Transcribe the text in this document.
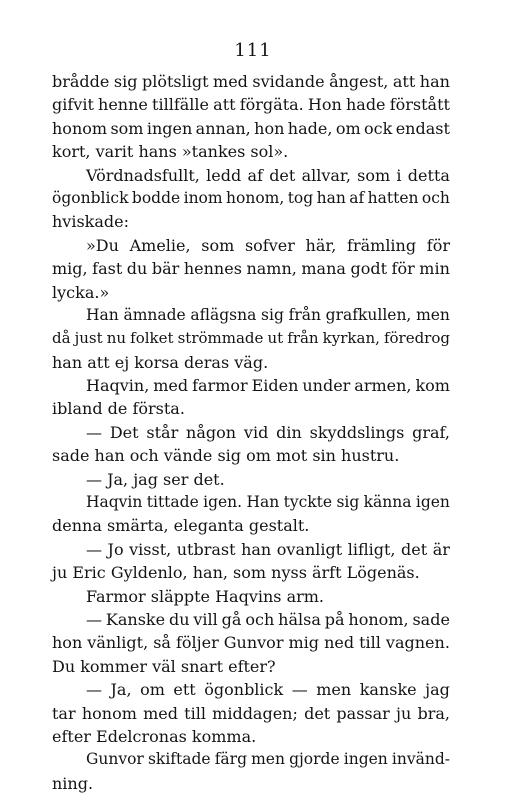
111
brådde sig plötsligt med svidande ångest, att han
gifvit henne tillfälle att förgäta. Hon hade förstått
honom som ingen annan, hon hade, om ock endast
kort, varit hans »tankes sol».
Vördnadsfullt, ledd af det allvar, som i detta
ögonblick bodde inom honom, tog han af hatten och
hviskade:
»Du Amelie, som sofver här, främling för
mig, fast du bär hennes namn, mana godt för min
lycka.»
Han ämnade aflägsna sig från grafkullen, men
då just nu folket strömmade ut från kyrkan, föredrog
han att ej korsa deras väg.
Haqvin, med farmor Eiden under armen, kom
ibland de första.
— Det står någon vid din skyddslings graf,
sade han och vände sig om mot sin hustru.
— Ja, jag ser det.
Haqvin tittade igen. Han tyckte sig känna igen
denna smärta, eleganta gestalt.
— Jo visst, utbrast han ovanligt lifligt, det är
ju Eric Gyldenlo, han, som nyss ärft Lögenäs.
Farmor släppte Haqvins arm.
— Kanske du vill gå och hälsa på honom, sade
hon vänligt, så följer Gunvor mig ned till vagnen.
Du kommer väl snart efter?
— Ja, om ett ögonblick — men kanske jag
tar honom med till middagen; det passar ju bra,
efter Edelcronas komma.
Gunvor skiftade färg men gjorde ingen invänd-
ning.
